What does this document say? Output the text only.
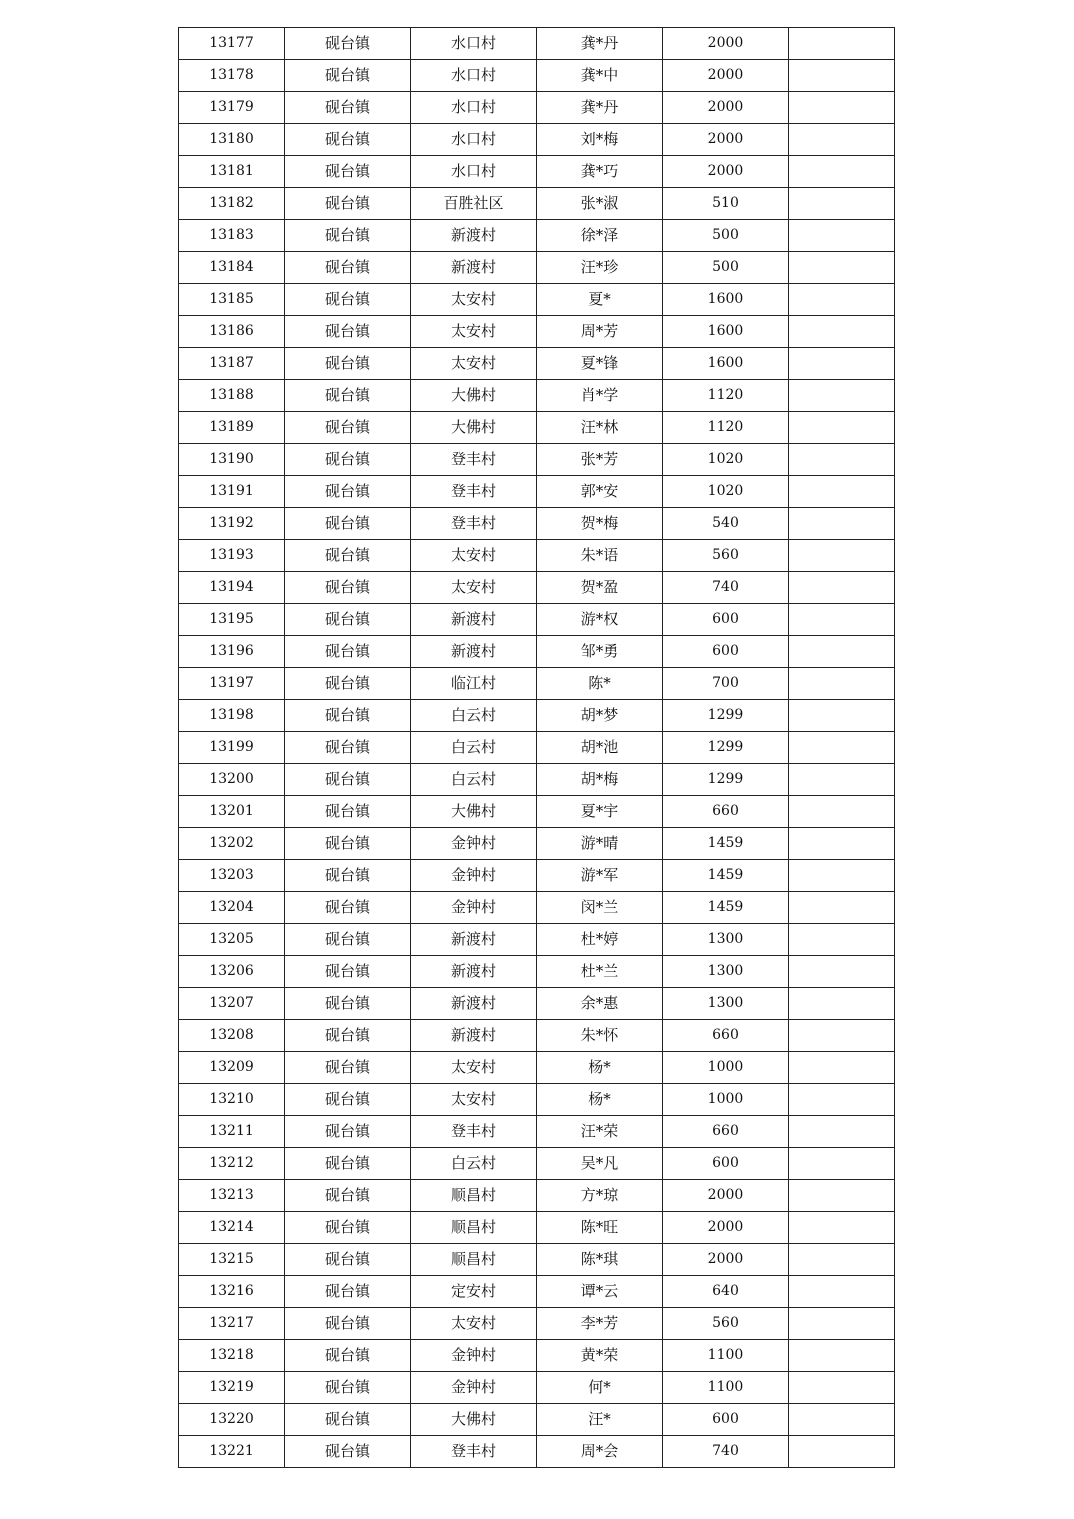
13177	砚台镇	水口村	龚*丹	2000	
13178	砚台镇	水口村	龚*中	2000	
13179	砚台镇	水口村	龚*丹	2000	
13180	砚台镇	水口村	刘*梅	2000	
13181	砚台镇	水口村	龚*巧	2000	
13182	砚台镇	百胜社区	张*淑	510	
13183	砚台镇	新渡村	徐*泽	500	
13184	砚台镇	新渡村	汪*珍	500	
13185	砚台镇	太安村	夏*	1600	
13186	砚台镇	太安村	周*芳	1600	
13187	砚台镇	太安村	夏*锋	1600	
13188	砚台镇	大佛村	肖*学	1120	
13189	砚台镇	大佛村	汪*林	1120	
13190	砚台镇	登丰村	张*芳	1020	
13191	砚台镇	登丰村	郭*安	1020	
13192	砚台镇	登丰村	贺*梅	540	
13193	砚台镇	太安村	朱*语	560	
13194	砚台镇	太安村	贺*盈	740	
13195	砚台镇	新渡村	游*权	600	
13196	砚台镇	新渡村	邹*勇	600	
13197	砚台镇	临江村	陈*	700	
13198	砚台镇	白云村	胡*梦	1299	
13199	砚台镇	白云村	胡*池	1299	
13200	砚台镇	白云村	胡*梅	1299	
13201	砚台镇	大佛村	夏*宇	660	
13202	砚台镇	金钟村	游*晴	1459	
13203	砚台镇	金钟村	游*军	1459	
13204	砚台镇	金钟村	闵*兰	1459	
13205	砚台镇	新渡村	杜*婷	1300	
13206	砚台镇	新渡村	杜*兰	1300	
13207	砚台镇	新渡村	余*惠	1300	
13208	砚台镇	新渡村	朱*怀	660	
13209	砚台镇	太安村	杨*	1000	
13210	砚台镇	太安村	杨*	1000	
13211	砚台镇	登丰村	汪*荣	660	
13212	砚台镇	白云村	吴*凡	600	
13213	砚台镇	顺昌村	方*琼	2000	
13214	砚台镇	顺昌村	陈*旺	2000	
13215	砚台镇	顺昌村	陈*琪	2000	
13216	砚台镇	定安村	谭*云	640	
13217	砚台镇	太安村	李*芳	560	
13218	砚台镇	金钟村	黄*荣	1100	
13219	砚台镇	金钟村	何*	1100	
13220	砚台镇	大佛村	汪*	600	
13221	砚台镇	登丰村	周*会	740	
